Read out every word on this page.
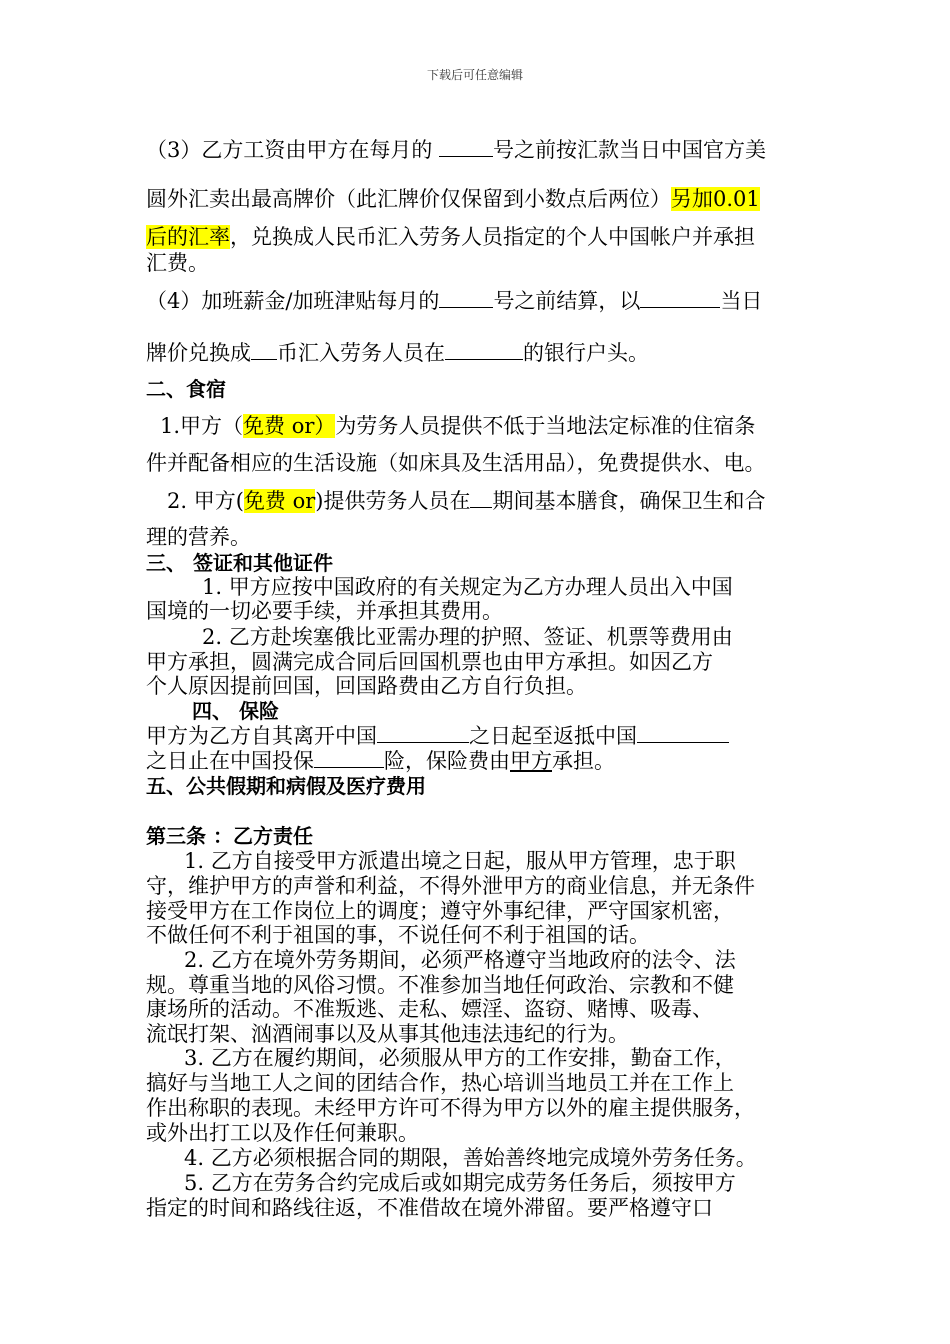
下载后可任意编辑
（3）乙方工资由甲方在每月的	号之前按汇款当日中国官方美
圆外汇卖出最高牌价（此汇牌价仅保留到小数点后两位）另加0.01
后的汇率，兑换成人民币汇入劳务人员指定的个人中国帐户并承担
汇费。
（4）加班薪金/加班津贴每月的	号之前结算，以	当日
牌价兑换成 币汇入劳务人员在	的银行户头。
二、食宿
1.甲方（免费 or）为劳务人员提供不低于当地法定标准的住宿条
件并配备相应的生活设施（如床具及生活用品），免费提供水、电。
2. 甲方(免费 or)提供劳务人员在 期间基本膳食，确保卫生和合
理的营养。
三、 签证和其他证件
1. 甲方应按中国政府的有关规定为乙方办理人员出入中国
国境的一切必要手续，并承担其费用。
2. 乙方赴埃塞俄比亚需办理的护照、签证、机票等费用由
甲方承担，圆满完成合同后回国机票也由甲方承担。如因乙方
个人原因提前回国，回国路费由乙方自行负担。
四、 保险
甲方为乙方自其离开中国	之日起至返抵中国
之日止在中国投保	险，保险费由甲方承担。
五、公共假期和病假及医疗费用
第三条 ：乙方责任
1. 乙方自接受甲方派遣出境之日起，服从甲方管理，忠于职
守，维护甲方的声誉和利益，不得外泄甲方的商业信息，并无条件
接受甲方在工作岗位上的调度；遵守外事纪律，严守国家机密，
不做任何不利于祖国的事，不说任何不利于祖国的话。
2. 乙方在境外劳务期间，必须严格遵守当地政府的法令、法
规。尊重当地的风俗习惯。不准参加当地任何政治、宗教和不健
康场所的活动。不准叛逃、走私、嫖淫、盗窃、赌博、吸毒、
流氓打架、汹酒闹事以及从事其他违法违纪的行为。
3. 乙方在履约期间，必须服从甲方的工作安排，勤奋工作，
搞好与当地工人之间的团结合作，热心培训当地员工并在工作上
作出称职的表现。未经甲方许可不得为甲方以外的雇主提供服务，
或外出打工以及作任何兼职。
4. 乙方必须根据合同的期限，善始善终地完成境外劳务任务。
5. 乙方在劳务合约完成后或如期完成劳务任务后，须按甲方
指定的时间和路线往返，不准借故在境外滞留。要严格遵守口
